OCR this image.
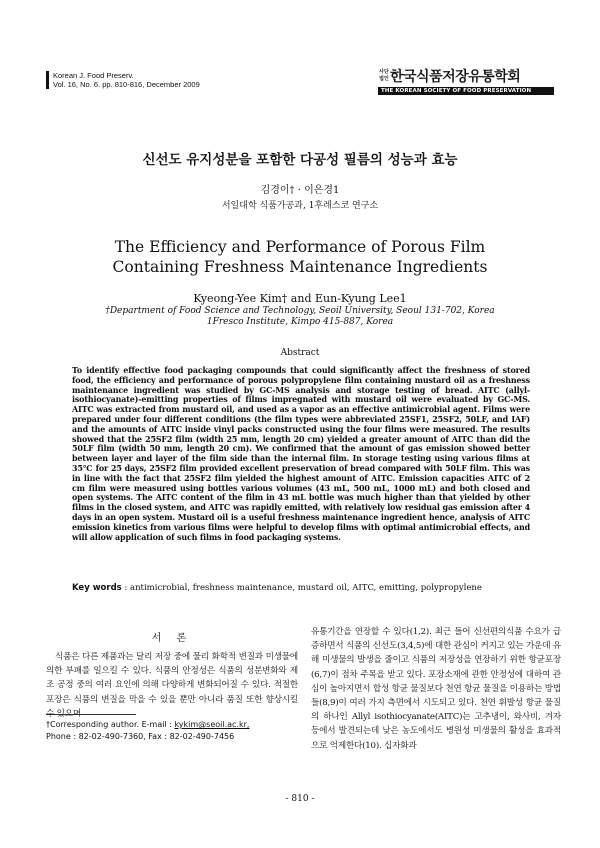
Korean J. Food Preserv.
Vol. 16, No. 6. pp. 810-816, December 2009
사단법인 한국식품저장유통학회
THE KOREAN SOCIETY OF FOOD PRESERVATION
신선도 유지성분을 포함한 다공성 필름의 성능과 효능
김경이† · 이은경1
서일대학 식품가공과, 1후레스코 연구소
The Efficiency and Performance of Porous Film Containing Freshness Maintenance Ingredients
Kyeong-Yee Kim† and Eun-Kyung Lee1
†Department of Food Science and Technology, Seoil University, Seoul 131-702, Korea
1Fresco Institute, Kimpo 415-887, Korea
Abstract
To identify effective food packaging compounds that could significantly affect the freshness of stored food, the efficiency and performance of porous polypropylene film containing mustard oil as a freshness maintenance ingredient was studied by GC-MS analysis and storage testing of bread. AITC (allyl-isothiocyanate)-emitting properties of films impregnated with mustard oil were evaluated by GC-MS. AITC was extracted from mustard oil, and used as a vapor as an effective antimicrobial agent. Films were prepared under four different conditions (the film types were abbreviated 25SF1, 25SF2, 50LF, and IAF) and the amounts of AITC inside vinyl packs constructed using the four films were measured. The results showed that the 25SF2 film (width 25 mm, length 20 cm) yielded a greater amount of AITC than did the 50LF film (width 50 mm, length 20 cm). We confirmed that the amount of gas emission showed better between layer and layer of the film side than the internal film. In storage testing using various films at 35℃ for 25 days, 25SF2 film provided excellent preservation of bread compared with 50LF film. This was in line with the fact that 25SF2 film yielded the highest amount of AITC. Emission capacities AITC of 2 cm film were measured using bottles various volumes (43 mL, 500 mL, 1000 mL) and both closed and open systems. The AITC content of the film in 43 mL bottle was much higher than that yielded by other films in the closed system, and AITC was rapidly emitted, with relatively low residual gas emission after 4 days in an open system. Mustard oil is a useful freshness maintenance ingredient hence, analysis of AITC emission kinetics from various films were helpful to develop films with optimal antimicrobial effects, and will allow application of such films in food packaging systems.
Key words : antimicrobial, freshness maintenance, mustard oil, AITC, emitting, polypropylene
서 론
식품은 다른 제품과는 달리 저장 중에 물리 화학적 변질과 미생물에 의한 부패를 일으킬 수 있다. 식품의 안정성은 식품의 성분변화와 제조 공정 중의 여러 요인에 의해 다양하게 변화되어질 수 있다. 적절한 포장은 식품의 변질을 막을 수 있을 뿐만 아니라 품질 또한 향상시킬 수 있으며
유통기간을 연장할 수 있다(1,2). 최근 들어 신선편의식품 수요가 급증하면서 식품의 신선도(3,4,5)에 대한 관심이 커지고 있는 가운데 유해 미생물의 발생을 줄이고 식품의 저장성을 연장하기 위한 항균포장(6,7)이 점차 주목을 받고 있다. 포장소재에 관한 안정성에 대하여 관심이 높아지면서 합성 항균 물질보다 천연 항균 물질을 이용하는 방법들(8,9)이 여러 가지 측면에서 시도되고 있다. 천연 휘발성 항균 물질의 하나인 Allyl isothiocyanate(AITC)는 고추냉이, 와사비, 겨자 등에서 발견되는데 낮은 농도에서도 병원성 미생물의 활성을 효과적으로 억제한다(10). 십자화과
†Corresponding author. E-mail : kykim@seoil.ac.kr,
Phone : 82-02-490-7360, Fax : 82-02-490-7456
- 810 -
